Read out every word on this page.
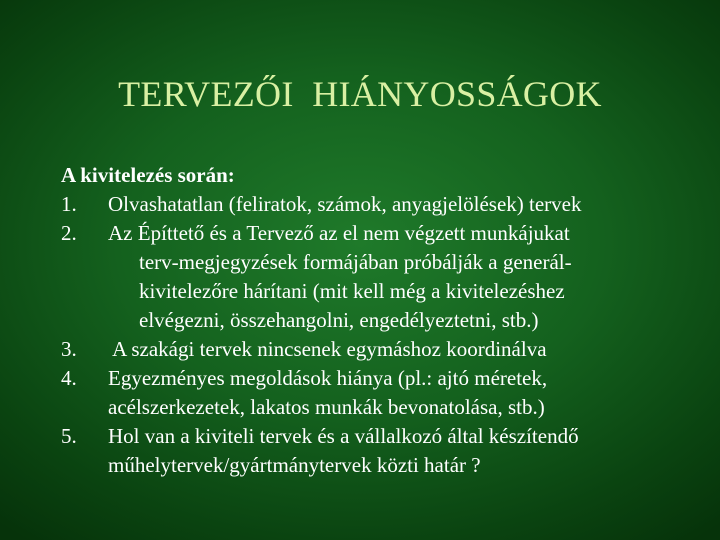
TERVEZŐI  HIÁNYOSSÁGOK
A kivitelezés során:
1. Olvashatatlan (feliratok, számok, anyagjelölések) tervek
2. Az Építtető és a Tervező az el nem végzett munkájukat
terv-megjegyzések formájában próbálják a generál-
kivitelezőre hárítani (mit kell még a kivitelezéshez
elvégezni, összehangolni, engedélyeztetni, stb.)
3. A szakági tervek nincsenek egymáshoz koordinálva
4. Egyezményes megoldások hiánya (pl.: ajtó méretek,
acélszerkezetek, lakatos munkák bevonatolása, stb.)
5. Hol van a kiviteli tervek és a vállalkozó által készítendő
műhelytervek/gyártmánytervek közti határ ?
